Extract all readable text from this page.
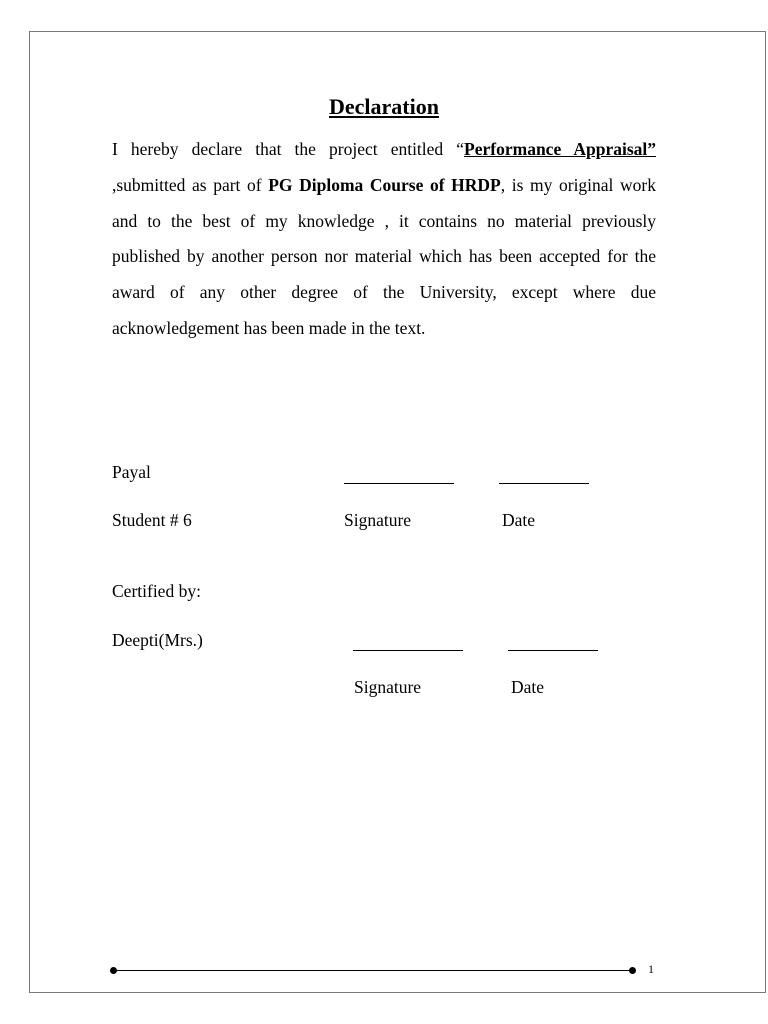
Declaration

I hereby declare that the project entitled “Performance Appraisal” ,submitted as part of PG Diploma Course of HRDP, is my original work and to the best of my knowledge , it contains no material previously published by another person nor material which has been accepted for the award of any other degree of the University, except where due acknowledgement has been made in the text.

Payal
Student # 6	Signature	Date
Certified by:
Deepti(Mrs.)
Signature	Date
1
